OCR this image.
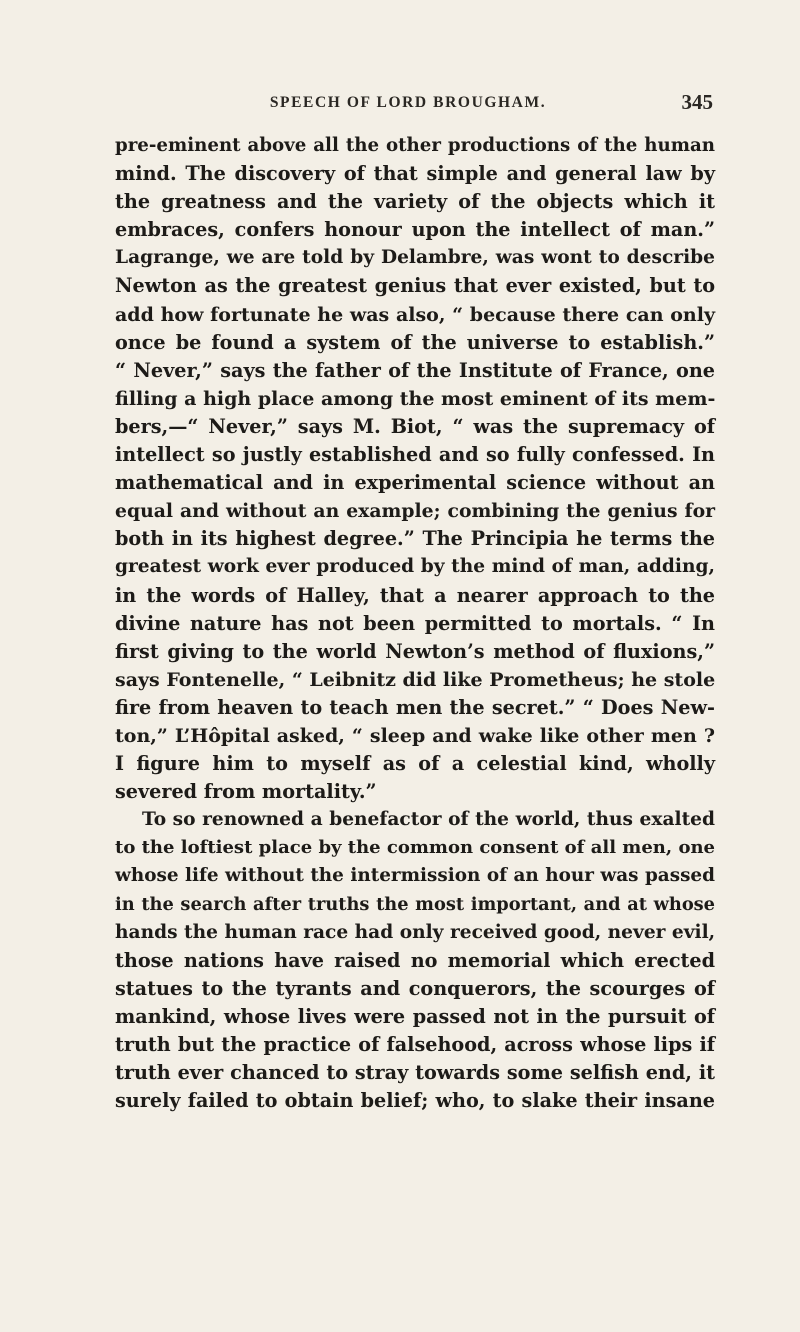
SPEECH OF LORD BROUGHAM.	345
pre-eminent above all the other productions of the human
mind. The discovery of that simple and general law by
the greatness and the variety of the objects which it
embraces, confers honour upon the intellect of man.”
Lagrange, we are told by Delambre, was wont to describe
Newton as the greatest genius that ever existed, but to
add how fortunate he was also, “ because there can only
once be found a system of the universe to establish.”
“ Never,” says the father of the Institute of France, one
filling a high place among the most eminent of its mem-
bers,—“ Never,” says M. Biot, “ was the supremacy of
intellect so justly established and so fully confessed. In
mathematical and in experimental science without an
equal and without an example; combining the genius for
both in its highest degree.” The Principia he terms the
greatest work ever produced by the mind of man, adding,
in the words of Halley, that a nearer approach to the
divine nature has not been permitted to mortals. “ In
first giving to the world Newton’s method of fluxions,”
says Fontenelle, “ Leibnitz did like Prometheus; he stole
fire from heaven to teach men the secret.” “ Does New-
ton,” L’Hôpital asked, “ sleep and wake like other men ?
I figure him to myself as of a celestial kind, wholly
severed from mortality.”
To so renowned a benefactor of the world, thus exalted
to the loftiest place by the common consent of all men, one
whose life without the intermission of an hour was passed
in the search after truths the most important, and at whose
hands the human race had only received good, never evil,
those nations have raised no memorial which erected
statues to the tyrants and conquerors, the scourges of
mankind, whose lives were passed not in the pursuit of
truth but the practice of falsehood, across whose lips if
truth ever chanced to stray towards some selfish end, it
surely failed to obtain belief; who, to slake their insane
